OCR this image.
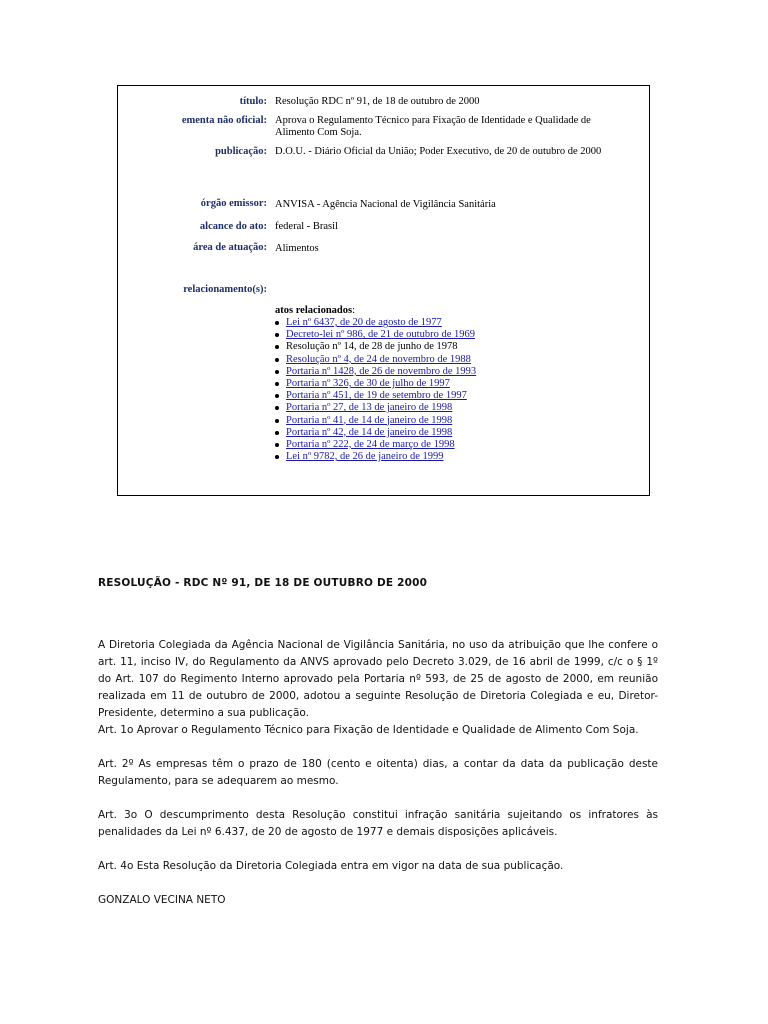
título: Resolução RDC nº 91, de 18 de outubro de 2000
ementa não oficial: Aprova o Regulamento Técnico para Fixação de Identidade e Qualidade de Alimento Com Soja.
publicação: D.O.U. - Diário Oficial da União; Poder Executivo, de 20 de outubro de 2000
órgão emissor: ANVISA - Agência Nacional de Vigilância Sanitária
alcance do ato: federal - Brasil
área de atuação: Alimentos
relacionamento(s):
atos relacionados:
Lei nº 6437, de 20 de agosto de 1977
Decreto-lei nº 986, de 21 de outubro de 1969
Resolução nº 14, de 28 de junho de 1978
Resolução nº 4, de 24 de novembro de 1988
Portaria nº 1428, de 26 de novembro de 1993
Portaria nº 326, de 30 de julho de 1997
Portaria nº 451, de 19 de setembro de 1997
Portaria nº 27, de 13 de janeiro de 1998
Portaria nº 41, de 14 de janeiro de 1998
Portaria nº 42, de 14 de janeiro de 1998
Portaria nº 222, de 24 de março de 1998
Lei nº 9782, de 26 de janeiro de 1999
RESOLUÇÃO - RDC Nº 91, DE 18 DE OUTUBRO DE 2000
A Diretoria Colegiada da Agência Nacional de Vigilância Sanitária, no uso da atribuição que lhe confere o art. 11, inciso IV, do Regulamento da ANVS aprovado pelo Decreto 3.029, de 16 abril de 1999, c/c o § 1º do Art. 107 do Regimento Interno aprovado pela Portaria nº 593, de 25 de agosto de 2000, em reunião realizada em 11 de outubro de 2000, adotou a seguinte Resolução de Diretoria Colegiada e eu, Diretor-Presidente, determino a sua publicação.
Art. 1o Aprovar o Regulamento Técnico para Fixação de Identidade e Qualidade de Alimento Com Soja.
Art. 2º As empresas têm o prazo de 180 (cento e oitenta) dias, a contar da data da publicação deste Regulamento, para se adequarem ao mesmo.
Art. 3o O descumprimento desta Resolução constitui infração sanitária sujeitando os infratores às penalidades da Lei nº 6.437, de 20 de agosto de 1977 e demais disposições aplicáveis.
Art. 4o Esta Resolução da Diretoria Colegiada entra em vigor na data de sua publicação.
GONZALO VECINA NETO
